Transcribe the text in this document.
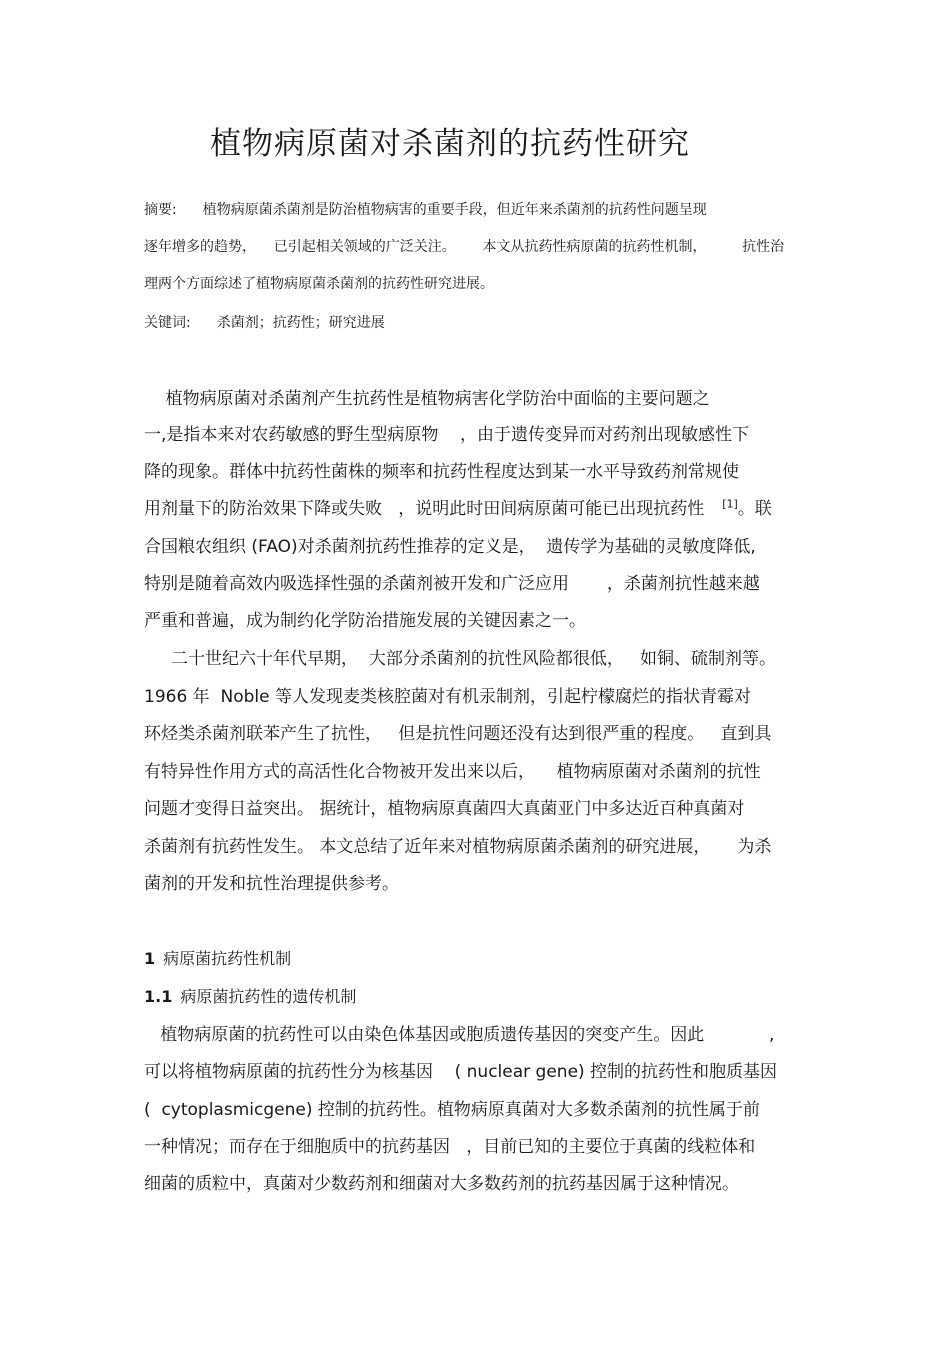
植物病原菌对杀菌剂的抗药性研究
摘要: 植物病原菌杀菌剂是防治植物病害的重要手段，但近年来杀菌剂的抗药性问题呈现
逐年增多的趋势，    已引起相关领域的广泛关注。      本文从抗药性病原菌的抗药性机制，        抗性治
理两个方面综述了植物病原菌杀菌剂的抗药性研究进展。
关键词: 杀菌剂；抗药性；研究进展
植物病原菌对杀菌剂产生抗药性是植物病害化学防治中面临的主要问题之
一,是指本来对农药敏感的野生型病原物    ，由于遗传变异而对药剂出现敏感性下
降的现象。群体中抗药性菌株的频率和抗药性程度达到某一水平导致药剂常规使
用剂量下的防治效果下降或失败   ，说明此时田间病原菌可能已出现抗药性 [1]。联
合国粮农组织 (FAO)对杀菌剂抗药性推荐的定义是，  遗传学为基础的灵敏度降低,
特别是随着高效内吸选择性强的杀菌剂被开发和广泛应用       ，杀菌剂抗性越来越
严重和普遍，成为制约化学防治措施发展的关键因素之一。
二十世纪六十年代早期，  大部分杀菌剂的抗性风险都很低，   如铜、硫制剂等。
1966 年  Noble 等人发现麦类核腔菌对有机汞制剂，引起柠檬腐烂的指状青霉对
环烃类杀菌剂联苯产生了抗性，   但是抗性问题还没有达到很严重的程度。   直到具
有特异性作用方式的高活性化合物被开发出来以后，    植物病原菌对杀菌剂的抗性
问题才变得日益突出。 据统计，植物病原真菌四大真菌亚门中多达近百种真菌对
杀菌剂有抗药性发生。 本文总结了近年来对植物病原菌杀菌剂的研究进展，     为杀
菌剂的开发和抗性治理提供参考。
1 病原菌抗药性机制
1.1 病原菌抗药性的遗传机制
植物病原菌的抗药性可以由染色体基因或胞质遗传基因的突变产生。因此            ,
可以将植物病原菌的抗药性分为核基因    ( nuclear gene) 控制的抗药性和胞质基因
(  cytoplasmicgene) 控制的抗药性。植物病原真菌对大多数杀菌剂的抗性属于前
一种情况；而存在于细胞质中的抗药基因   ，目前已知的主要位于真菌的线粒体和
细菌的质粒中，真菌对少数药剂和细菌对大多数药剂的抗药基因属于这种情况。
